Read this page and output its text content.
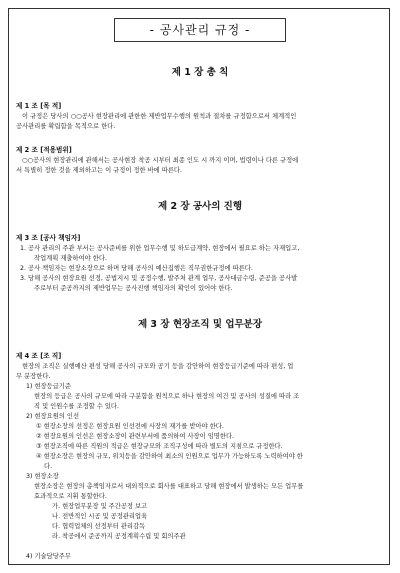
- 공사관리 규정 -
제 1 장 총 칙
제 1 조 [목 적]
이 규정은 당사의 ○○공사 현장관리에 관한한 제반업무수행의 원칙과 절차를 규정함으로서 체계적인
공사관리를 확립함을 목적으로 한다.
제 2 조 [적용범위]
○○공사의 현장관리에 관해서는 공사현장 착공 시부터 최종 인도 시 까지 이며, 법령이나 다른 규정에
서 특별히 정한 것을 제외하고는 이 규정이 정한 바에 따른다.
제 2 장 공사의 진행
제 3 조 [공사 책임자]
1. 공사 관리의 주관 부서는 공사준비를 위한 업무수행 및 하도급계약, 현장에서 필요로 하는 자재입고,
작업계획 재출하여야 한다.
2. 공사 책임자는 현장소장으로 하며 당해 공사의 예산집행은 직무권한규정에 따른다.
3. 당해 공사의 현장요원 선정, 공법지시 및 공정수행, 발주처 관계 업무, 공사대금수령, 준공을 공사발
주로부터 준공까지의 제반업무는 공사진행 책임자의 확인이 있어야 한다.
제 3 장 현장조직 및 업무분장
제 4 조 [조 직]
현장의 조직은 실행예산 편성 당해 공사의 규모와 공기 등을 감안하여 현장등급기준에 따라 편성, 업
무 분장한다.
1) 현장등급기준
현장의 등급은 공사의 규모에 따라 구분함을 원칙으로 하나 현장의 여건 및 공사의 성질에 따라 조
직 및 인원수를 조정할 수 있다.
2) 현장요원의 인선
① 현장소장의 선정은 현장요원 인선전에 사장의 재가를 받아야 한다.
② 현장요원의 인선은 현장소장이 관련부서에 품의하여 사장이 임명한다.
③ 현장조직에 따른 직원의 적급은 현장규모와 조직구성에 따라 별도의 지침으로 규정한다.
④ 현장소장은 현장의 규모, 위치등을 감안하여 최소의 인원으로 업무가 가능하도록 노력하여야 한
다.
3) 현장소장
현장소장은 현장의 총책임자로서 대외적으로 회사를 대표하고 당해 현장에서 발생하는 모든 업무를
효과적으로 지휘 통할한다.
가. 현장업무분장 및 주간공정 보고
나. 전반적인 시공 및 공정관리업육
다. 협력업체의 선정부터 관리감독
라. 착공에서 준공까지 공정계획수립 및 회의주관
4) 기술담당주무
